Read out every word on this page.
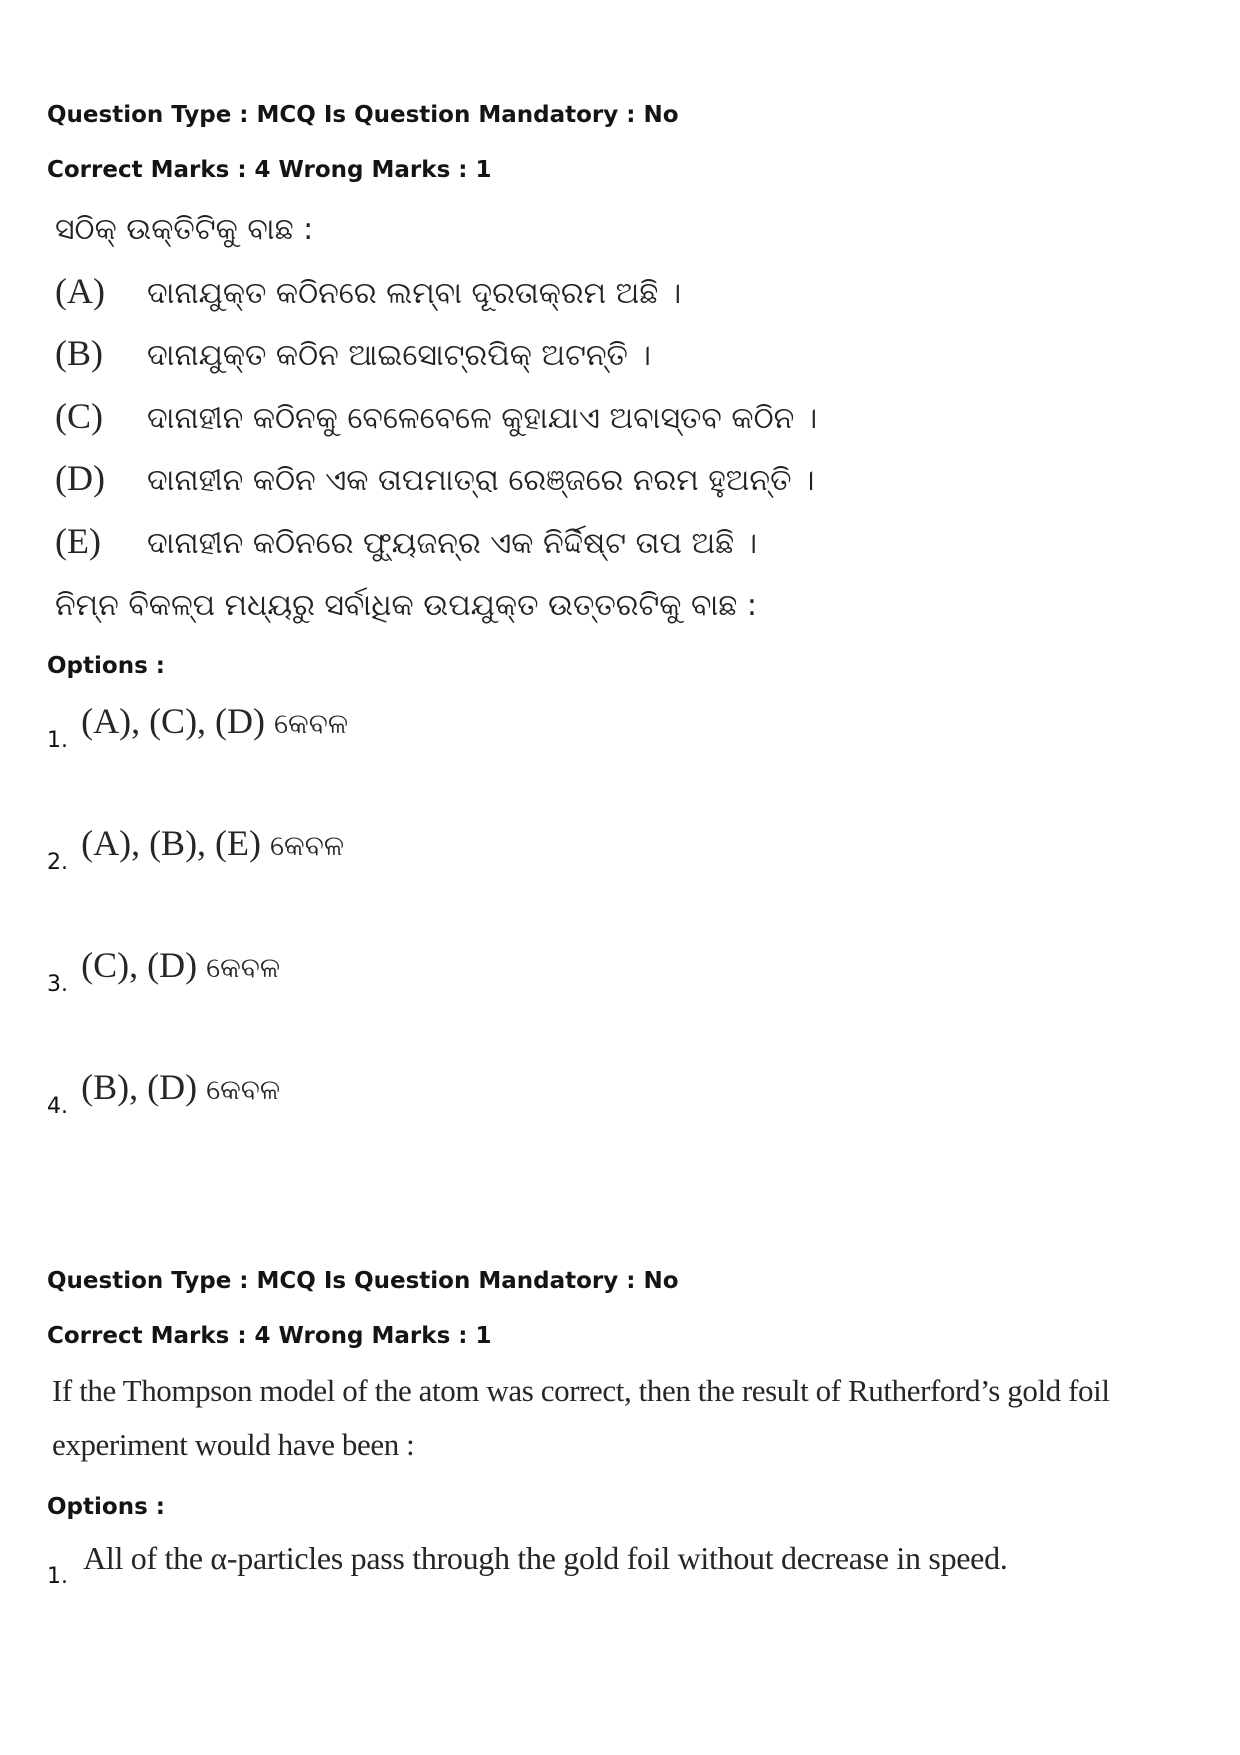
Question Type : MCQ Is Question Mandatory : No
Correct Marks : 4 Wrong Marks : 1
ସଠିକ୍ ଉକ୍ତିଟିକୁ ବାଛ :
(A) ଦାନାଯୁକ୍ତ କଠିନରେ ଲମ୍ବା ଦୂରତାକ୍ରମ ଅଛି ।
(B) ଦାନାଯୁକ୍ତ କଠିନ ଆଇସୋଟ୍ରପିକ୍ ଅଟନ୍ତି ।
(C) ଦାନାହୀନ କଠିନକୁ ବେଳେବେଳେ କୁହାଯାଏ ଅବାସ୍ତବ କଠିନ ।
(D) ଦାନାହୀନ କଠିନ ଏକ ତାପମାତ୍ରା ରେଞ୍ଜରେ ନରମ ହୁଅନ୍ତି ।
(E) ଦାନାହୀନ କଠିନରେ ଫ୍ୟୁଜନ୍‌ର ଏକ ନିର୍ଦ୍ଦିଷ୍ଟ ତାପ ଅଛି ।
ନିମ୍ନ ବିକଳ୍ପ ମଧ୍ୟରୁ ସର୍ବାଧିକ ଉପଯୁକ୍ତ ଉତ୍ତରଟିକୁ ବାଛ :
Options :
1. (A), (C), (D) କେବଳ
2. (A), (B), (E) କେବଳ
3. (C), (D) କେବଳ
4. (B), (D) କେବଳ
Question Type : MCQ Is Question Mandatory : No
Correct Marks : 4 Wrong Marks : 1
If the Thompson model of the atom was correct, then the result of Rutherford’s gold foil
experiment would have been :
Options :
1. All of the α-particles pass through the gold foil without decrease in speed.
